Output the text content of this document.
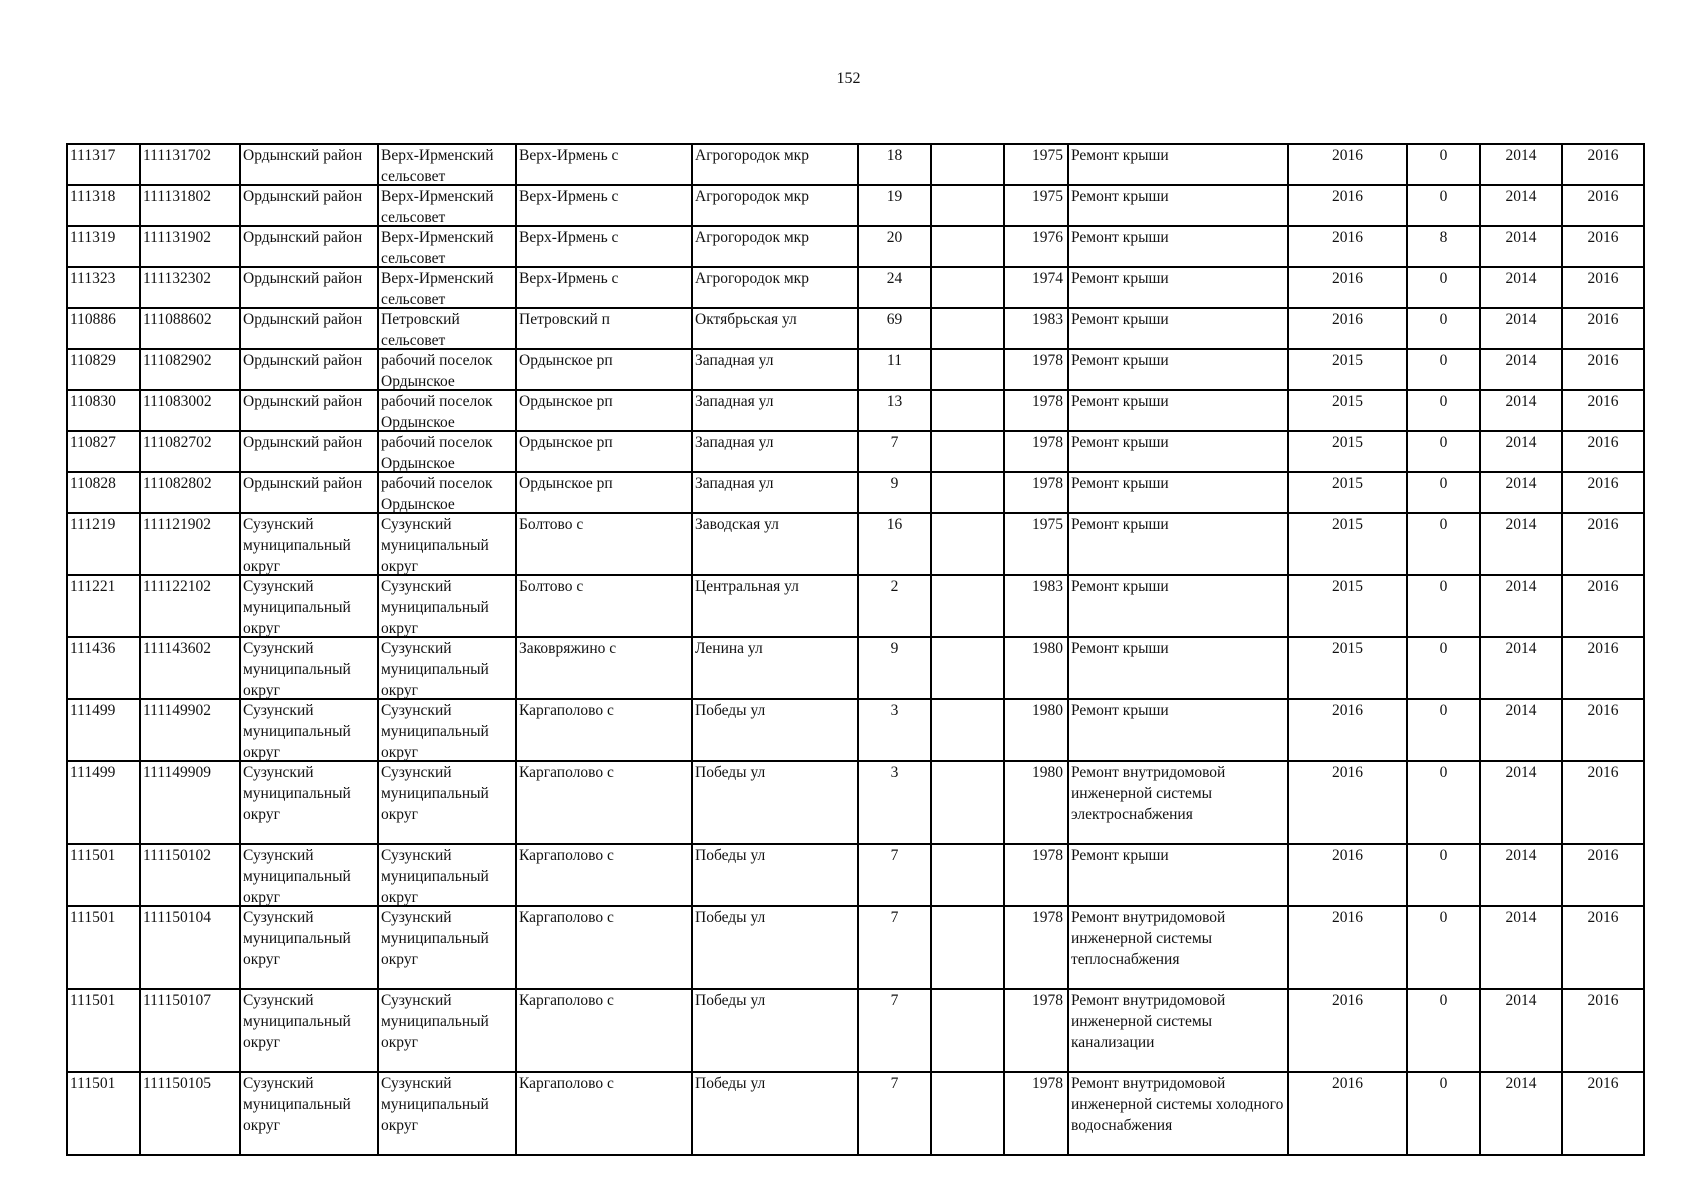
152
111317	111131702	Ордынский район	Верх-Ирменский сельсовет	Верх-Ирмень с	Агрогородок мкр	18		1975	Ремонт крыши	2016	0	2014	2016

111318	111131802	Ордынский район	Верх-Ирменский сельсовет	Верх-Ирмень с	Агрогородок мкр	19		1975	Ремонт крыши	2016	0	2014	2016

111319	111131902	Ордынский район	Верх-Ирменский сельсовет	Верх-Ирмень с	Агрогородок мкр	20		1976	Ремонт крыши	2016	8	2014	2016

111323	111132302	Ордынский район	Верх-Ирменский сельсовет	Верх-Ирмень с	Агрогородок мкр	24		1974	Ремонт крыши	2016	0	2014	2016

110886	111088602	Ордынский район	Петровский сельсовет	Петровский п	Октябрьская ул	69		1983	Ремонт крыши	2016	0	2014	2016

110829	111082902	Ордынский район	рабочий поселок Ордынское	Ордынское рп	Западная ул	11		1978	Ремонт крыши	2015	0	2014	2016

110830	111083002	Ордынский район	рабочий поселок Ордынское	Ордынское рп	Западная ул	13		1978	Ремонт крыши	2015	0	2014	2016

110827	111082702	Ордынский район	рабочий поселок Ордынское	Ордынское рп	Западная ул	7		1978	Ремонт крыши	2015	0	2014	2016

110828	111082802	Ордынский район	рабочий поселок Ордынское	Ордынское рп	Западная ул	9		1978	Ремонт крыши	2015	0	2014	2016

111219	111121902	Сузунский муниципальный округ	Сузунский муниципальный округ	Болтово с	Заводская ул	16		1975	Ремонт крыши	2015	0	2014	2016

111221	111122102	Сузунский муниципальный округ	Сузунский муниципальный округ	Болтово с	Центральная ул	2		1983	Ремонт крыши	2015	0	2014	2016

111436	111143602	Сузунский муниципальный округ	Сузунский муниципальный округ	Заковряжино с	Ленина ул	9		1980	Ремонт крыши	2015	0	2014	2016

111499	111149902	Сузунский муниципальный округ	Сузунский муниципальный округ	Каргаполово с	Победы ул	3		1980	Ремонт крыши	2016	0	2014	2016

111499	111149909	Сузунский муниципальный округ	Сузунский муниципальный округ	Каргаполово с	Победы ул	3		1980	Ремонт внутридомовой инженерной системы электроснабжения	2016	0	2014	2016

111501	111150102	Сузунский муниципальный округ	Сузунский муниципальный округ	Каргаполово с	Победы ул	7		1978	Ремонт крыши	2016	0	2014	2016

111501	111150104	Сузунский муниципальный округ	Сузунский муниципальный округ	Каргаполово с	Победы ул	7		1978	Ремонт внутридомовой инженерной системы теплоснабжения	2016	0	2014	2016

111501	111150107	Сузунский муниципальный округ	Сузунский муниципальный округ	Каргаполово с	Победы ул	7		1978	Ремонт внутридомовой инженерной системы канализации	2016	0	2014	2016

111501	111150105	Сузунский муниципальный округ	Сузунский муниципальный округ	Каргаполово с	Победы ул	7		1978	Ремонт внутридомовой инженерной системы холодного водоснабжения	2016	0	2014	2016
